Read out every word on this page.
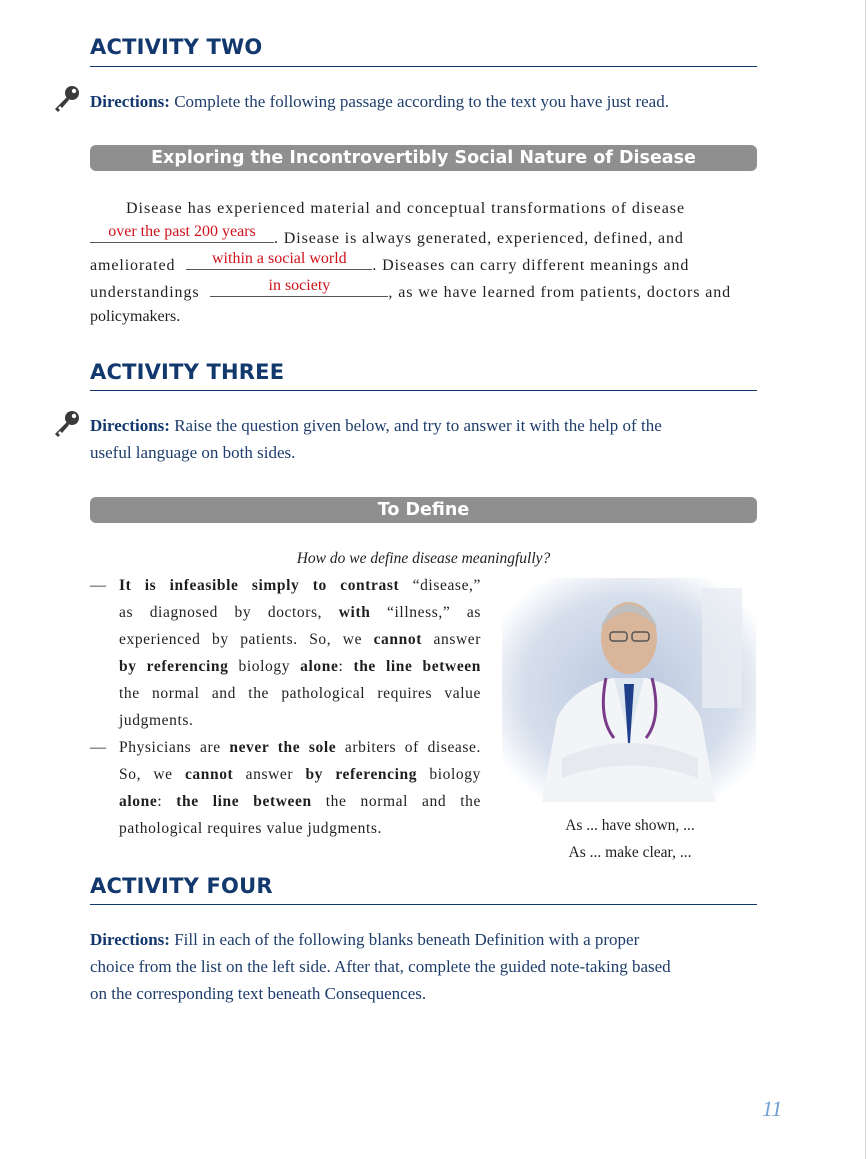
ACTIVITY TWO
Directions: Complete the following passage according to the text you have just read.
Exploring the Incontrovertibly Social Nature of Disease
Disease has experienced material and conceptual transformations of disease
over the past 200 years	. Disease is always generated, experienced, defined, and
ameliorated	within a social world	. Diseases can carry different meanings and
understandings	in society	, as we have learned from patients, doctors and
policymakers.
ACTIVITY THREE
Directions: Raise the question given below, and try to answer it with the help of the
useful language on both sides.
To Define
How do we define disease meaningfully?
— It is infeasible simply to contrast “disease,”
as diagnosed by doctors, with “illness,” as
experienced by patients. So, we cannot answer
by referencing biology alone: the line between
the normal and the pathological requires value
judgments.
— Physicians are never the sole arbiters of disease.
So, we cannot answer by referencing biology
alone: the line between the normal and the
pathological requires value judgments.	As ... have shown, ...
As ... make clear, ...
ACTIVITY FOUR
Directions: Fill in each of the following blanks beneath Definition with a proper
choice from the list on the left side. After that, complete the guided note-taking based
on the corresponding text beneath Consequences.
11
